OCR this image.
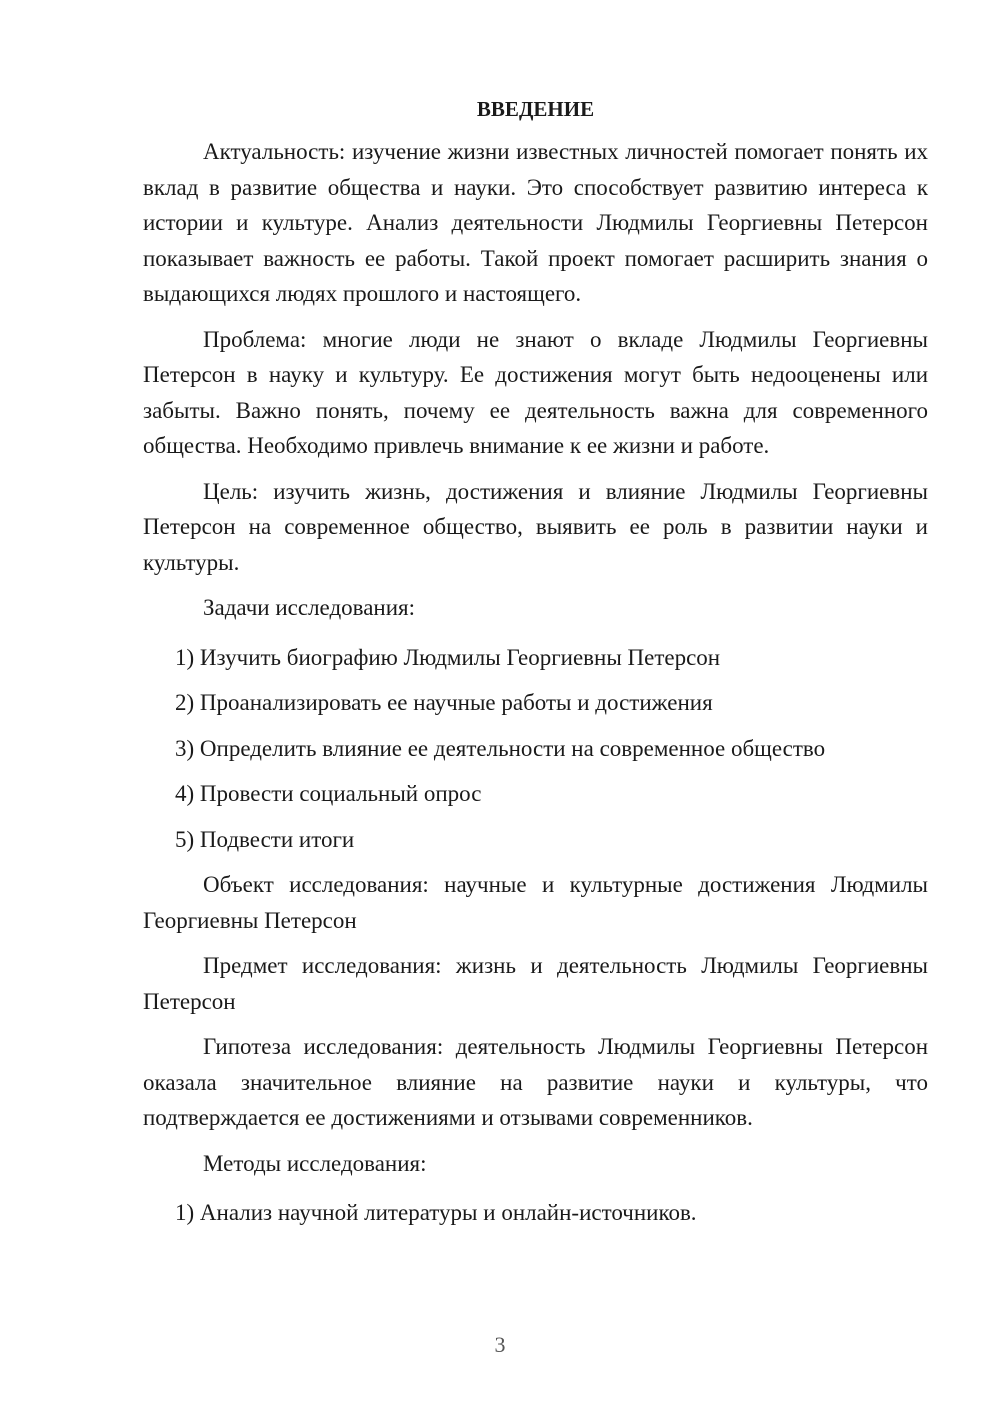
ВВЕДЕНИЕ

Актуальность: изучение жизни известных личностей помогает понять их вклад в развитие общества и науки. Это способствует развитию интереса к истории и культуре. Анализ деятельности Людмилы Георгиевны Петерсон показывает важность ее работы. Такой проект помогает расширить знания о выдающихся людях прошлого и настоящего.

Проблема: многие люди не знают о вкладе Людмилы Георгиевны Петерсон в науку и культуру. Ее достижения могут быть недооценены или забыты. Важно понять, почему ее деятельность важна для современного общества. Необходимо привлечь внимание к ее жизни и работе.

Цель: изучить жизнь, достижения и влияние Людмилы Георгиевны Петерсон на современное общество, выявить ее роль в развитии науки и культуры.

Задачи исследования:

1) Изучить биографию Людмилы Георгиевны Петерсон
2) Проанализировать ее научные работы и достижения
3) Определить влияние ее деятельности на современное общество
4) Провести социальный опрос
5) Подвести итоги

Объект исследования: научные и культурные достижения Людмилы Георгиевны Петерсон

Предмет исследования: жизнь и деятельность Людмилы Георгиевны Петерсон

Гипотеза исследования: деятельность Людмилы Георгиевны Петерсон оказала значительное влияние на развитие науки и культуры, что подтверждается ее достижениями и отзывами современников.

Методы исследования:

1) Анализ научной литературы и онлайн-источников.
3
